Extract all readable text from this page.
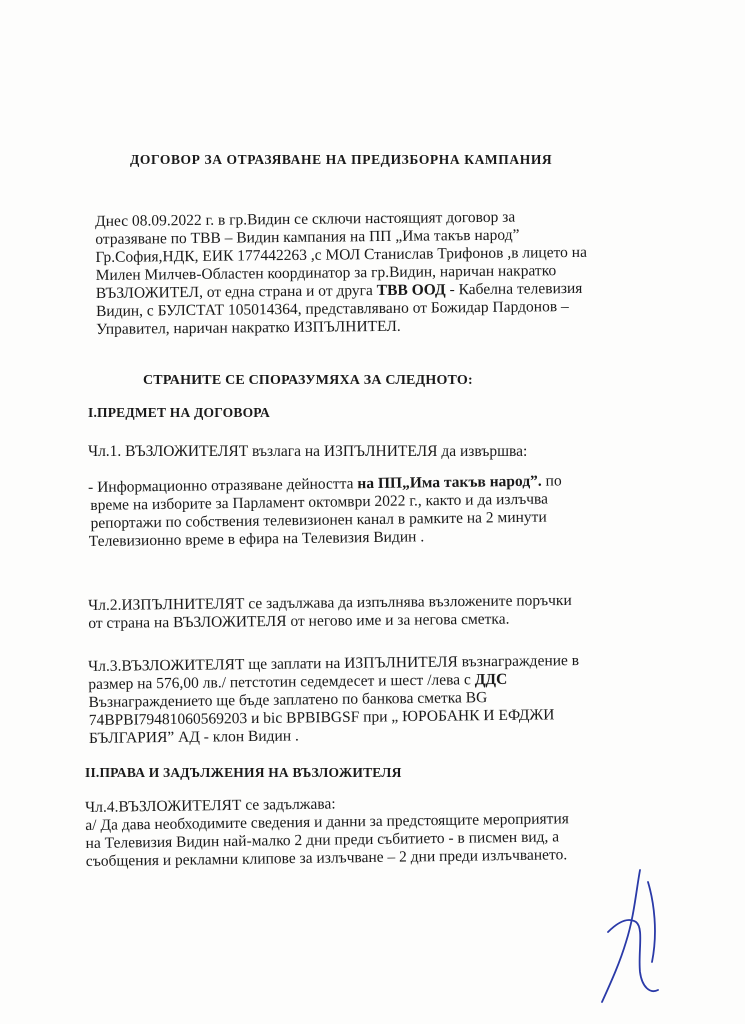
ДОГОВОР ЗА ОТРАЗЯВАНЕ НА ПРЕДИЗБОРНА КАМПАНИЯ
Днес 08.09.2022 г. в гр.Видин се сключи настоящият договор за
отразяване по ТВВ – Видин кампания на ПП „Има такъв народ”
Гр.София,НДК, ЕИК 177442263 ,с МОЛ Станислав Трифонов ,в лицето на
Милен Милчев-Областен координатор за гр.Видин, наричан накратко
ВЪЗЛОЖИТЕЛ, от една страна и от друга ТВВ ООД - Кабелна телевизия
Видин, с БУЛСТАТ 105014364, представлявано от Божидар Пардонов –
Управител, наричан накратко ИЗПЪЛНИТЕЛ.
СТРАНИТЕ СЕ СПОРАЗУМЯХА ЗА СЛЕДНОТО:
I.ПРЕДМЕТ НА ДОГОВОРА
Чл.1. ВЪЗЛОЖИТЕЛЯТ възлага на ИЗПЪЛНИТЕЛЯ да извършва:
- Информационно отразяване дейността на ПП„Има такъв народ”. по
време на изборите за Парламент октомври 2022 г., както и да излъчва
репортажи по собствения телевизионен канал в рамките на 2 минути
Телевизионно време в ефира на Телевизия Видин .
Чл.2.ИЗПЪЛНИТЕЛЯТ се задължава да изпълнява възложените поръчки
от страна на ВЪЗЛОЖИТЕЛЯ от негово име и за негова сметка.
Чл.3.ВЪЗЛОЖИТЕЛЯТ ще заплати на ИЗПЪЛНИТЕЛЯ възнаграждение в
размер на 576,00 лв./ петстотин седемдесет и шест /лева с ДДС
Възнаграждението ще бъде заплатено по банкова сметка BG
74BPBI79481060569203 и bic BPBIBGSF при „ ЮРОБАНК И ЕФДЖИ
БЪЛГАРИЯ” АД - клон Видин .
II.ПРАВА И ЗАДЪЛЖЕНИЯ НА ВЪЗЛОЖИТЕЛЯ
Чл.4.ВЪЗЛОЖИТЕЛЯТ се задължава:
а/ Да дава необходимите сведения и данни за предстоящите мероприятия
на Телевизия Видин най-малко 2 дни преди събитието - в писмен вид, а
съобщения и рекламни клипове за излъчване – 2 дни преди излъчването.
